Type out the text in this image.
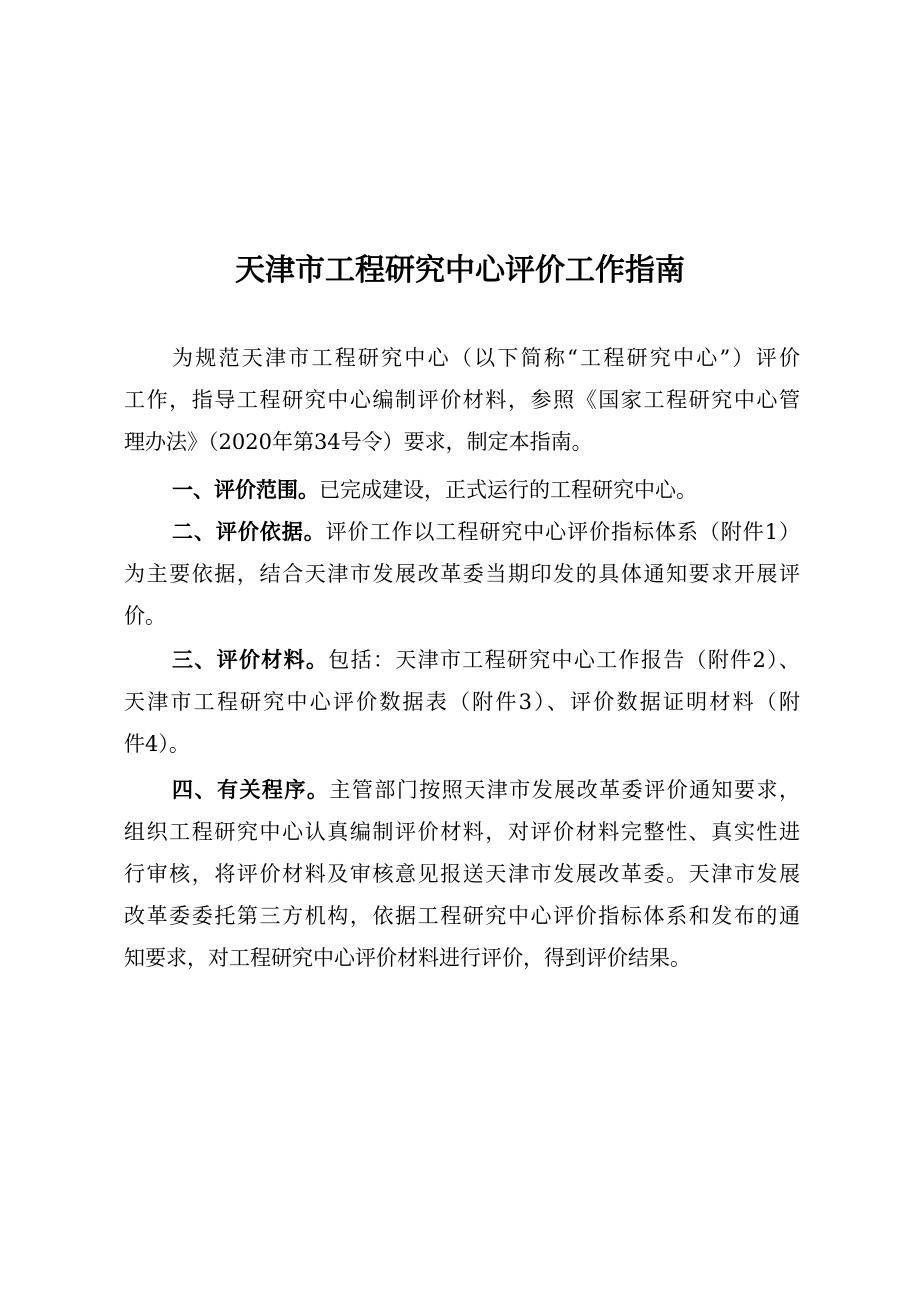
天津市工程研究中心评价工作指南
为规范天津市工程研究中心（以下简称“工程研究中心”）评价
工作，指导工程研究中心编制评价材料，参照《国家工程研究中心管
理办法》（2020年第34号令）要求，制定本指南。
一、评价范围。已完成建设，正式运行的工程研究中心。
二、评价依据。评价工作以工程研究中心评价指标体系（附件1）
为主要依据，结合天津市发展改革委当期印发的具体通知要求开展评
价。
三、评价材料。包括：天津市工程研究中心工作报告（附件2）、
天津市工程研究中心评价数据表（附件3）、评价数据证明材料（附
件4）。
四、有关程序。主管部门按照天津市发展改革委评价通知要求，
组织工程研究中心认真编制评价材料，对评价材料完整性、真实性进
行审核，将评价材料及审核意见报送天津市发展改革委。天津市发展
改革委委托第三方机构，依据工程研究中心评价指标体系和发布的通
知要求，对工程研究中心评价材料进行评价，得到评价结果。
